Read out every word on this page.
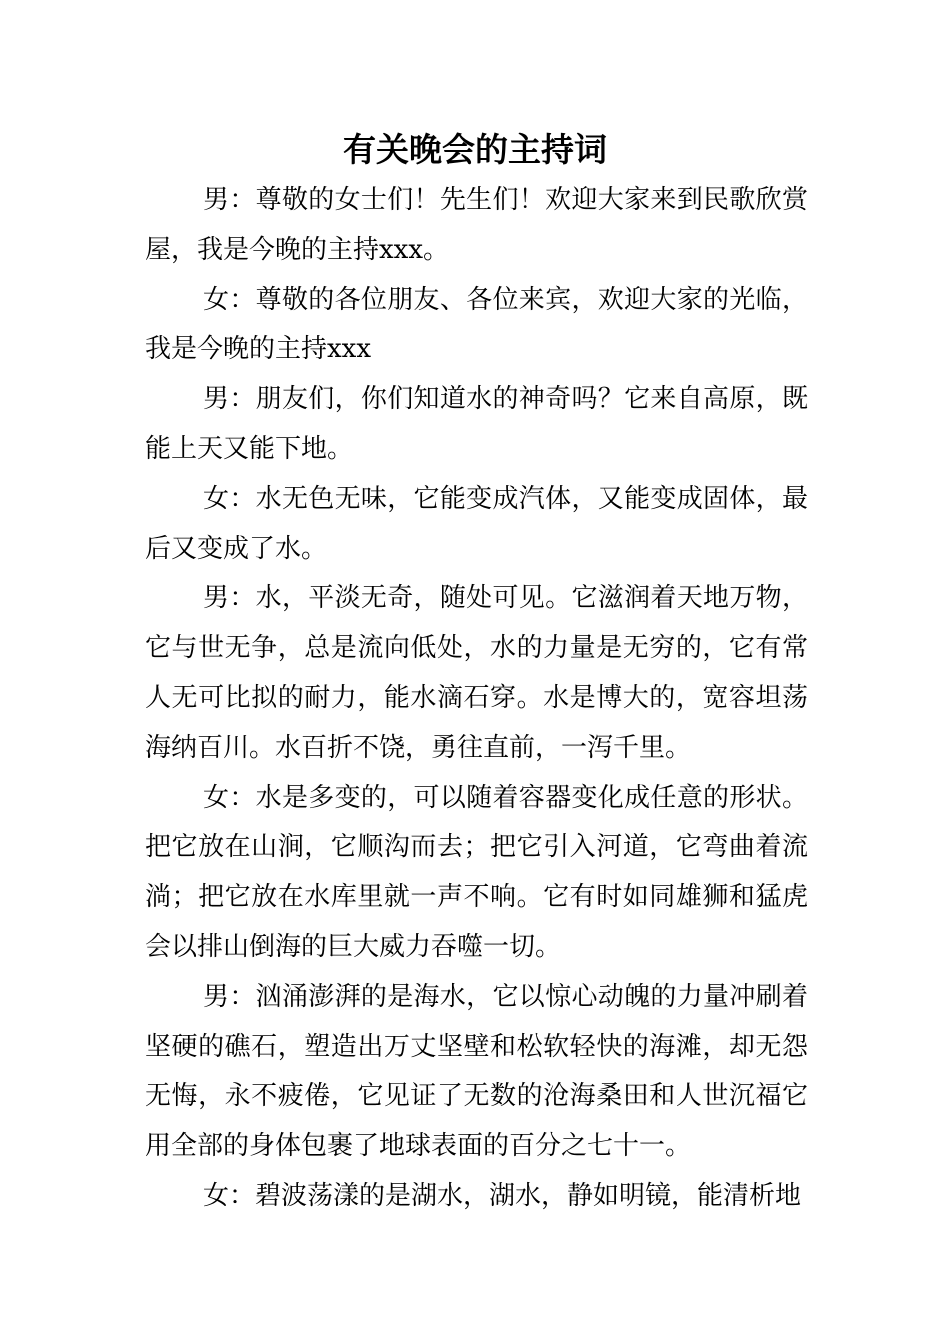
有关晚会的主持词

男：尊敬的女士们！先生们！欢迎大家来到民歌欣赏屋，我是今晚的主持xxx。

女：尊敬的各位朋友、各位来宾，欢迎大家的光临，我是今晚的主持xxx

男：朋友们，你们知道水的神奇吗？它来自高原，既能上天又能下地。

女：水无色无味，它能变成汽体，又能变成固体，最后又变成了水。

男：水，平淡无奇，随处可见。它滋润着天地万物，它与世无争，总是流向低处，水的力量是无穷的，它有常人无可比拟的耐力，能水滴石穿。水是博大的，宽容坦荡海纳百川。水百折不饶，勇往直前，一泻千里。

女：水是多变的，可以随着容器变化成任意的形状。把它放在山涧，它顺沟而去；把它引入河道，它弯曲着流淌；把它放在水库里就一声不响。它有时如同雄狮和猛虎会以排山倒海的巨大威力吞噬一切。

男：汹涌澎湃的是海水，它以惊心动魄的力量冲刷着坚硬的礁石，塑造出万丈坚壁和松软轻快的海滩，却无怨无悔，永不疲倦，它见证了无数的沧海桑田和人世沉福它用全部的身体包裹了地球表面的百分之七十一。

女：碧波荡漾的是湖水，湖水，静如明镜，能清析地
